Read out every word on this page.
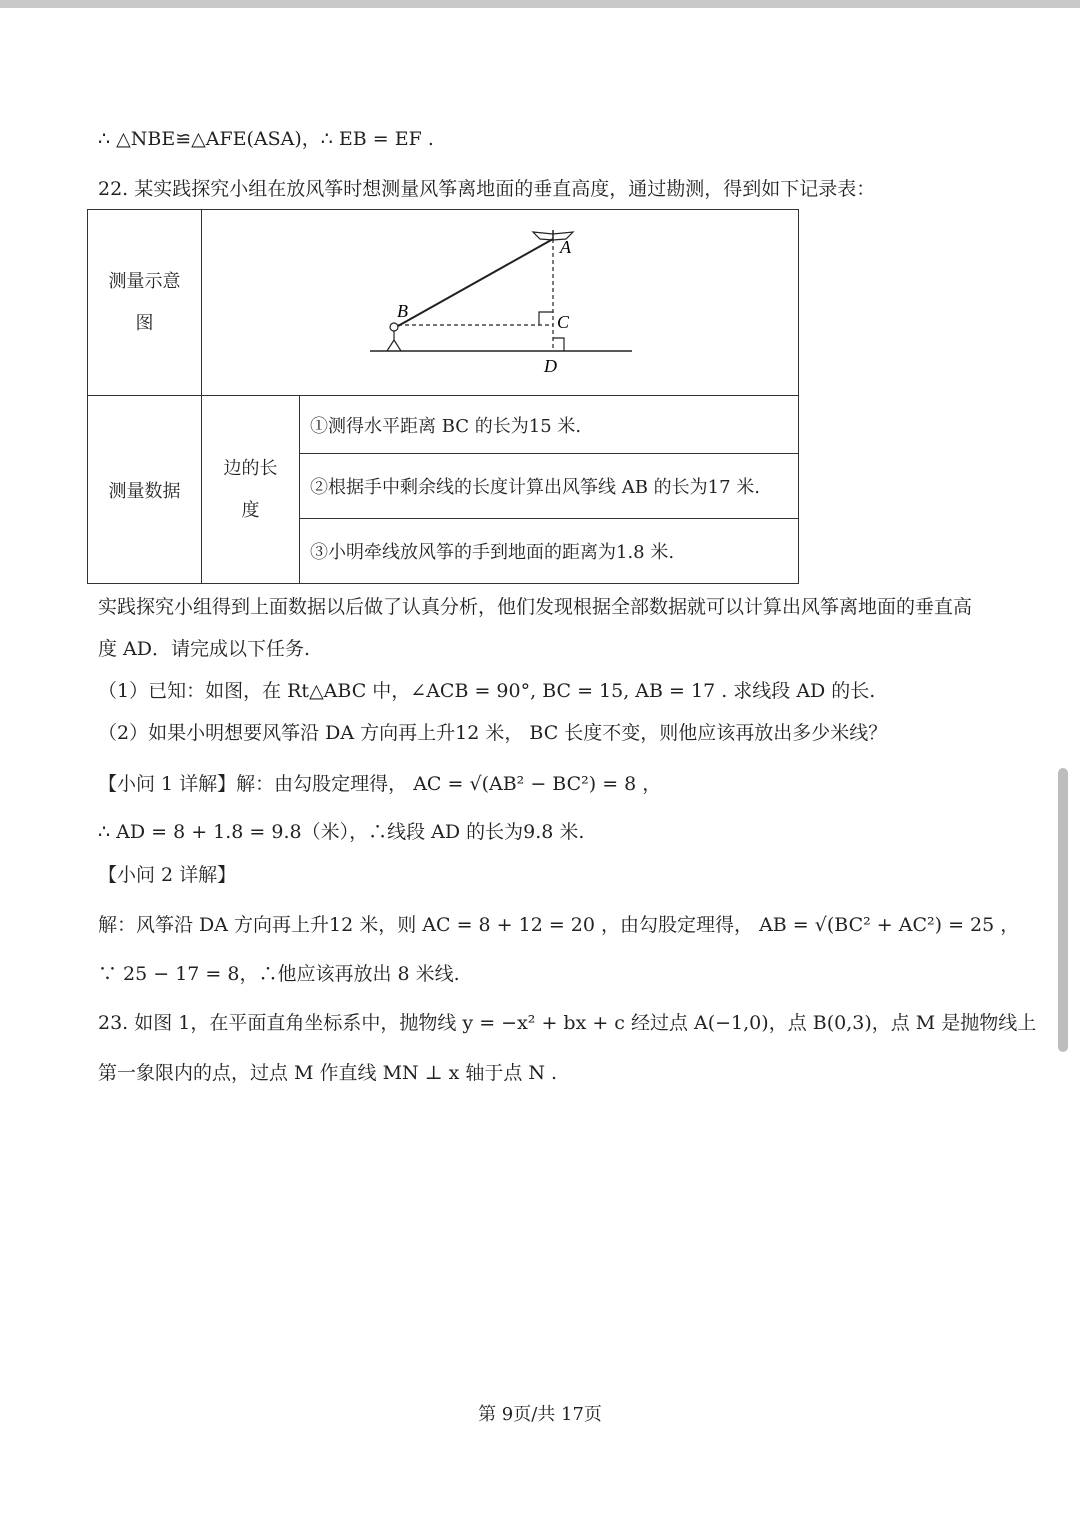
∴ △NBE≌△AFE(ASA)，∴ EB = EF .
22. 某实践探究小组在放风筝时想测量风筝离地面的垂直高度，通过勘测，得到如下记录表：
测量示意图	A
B
C
D	

测量数据	边的长度	①测得水平距离 BC 的长为15 米.
		②根据手中剩余线的长度计算出风筝线 AB 的长为17 米.
		③小明牵线放风筝的手到地面的距离为1.8 米.
实践探究小组得到上面数据以后做了认真分析，他们发现根据全部数据就可以计算出风筝离地面的垂直高
度 AD．请完成以下任务.
（1）已知：如图，在 Rt△ABC 中，∠ACB = 90°, BC = 15, AB = 17 . 求线段 AD 的长.
（2）如果小明想要风筝沿 DA 方向再上升12 米， BC 长度不变，则他应该再放出多少米线？
【小问 1 详解】解：由勾股定理得， AC = √(AB² − BC²) = 8 ，
∴ AD = 8 + 1.8 = 9.8（米），∴线段 AD 的长为9.8 米.
【小问 2 详解】
解：风筝沿 DA 方向再上升12 米，则 AC = 8 + 12 = 20 ，由勾股定理得， AB = √(BC² + AC²) = 25 ，
∵ 25 − 17 = 8，∴他应该再放出 8 米线.
23. 如图 1，在平面直角坐标系中，抛物线 y = −x² + bx + c 经过点 A(−1,0)，点 B(0,3)，点 M 是抛物线上
第一象限内的点，过点 M 作直线 MN ⊥ x 轴于点 N .
第 9页/共 17页
